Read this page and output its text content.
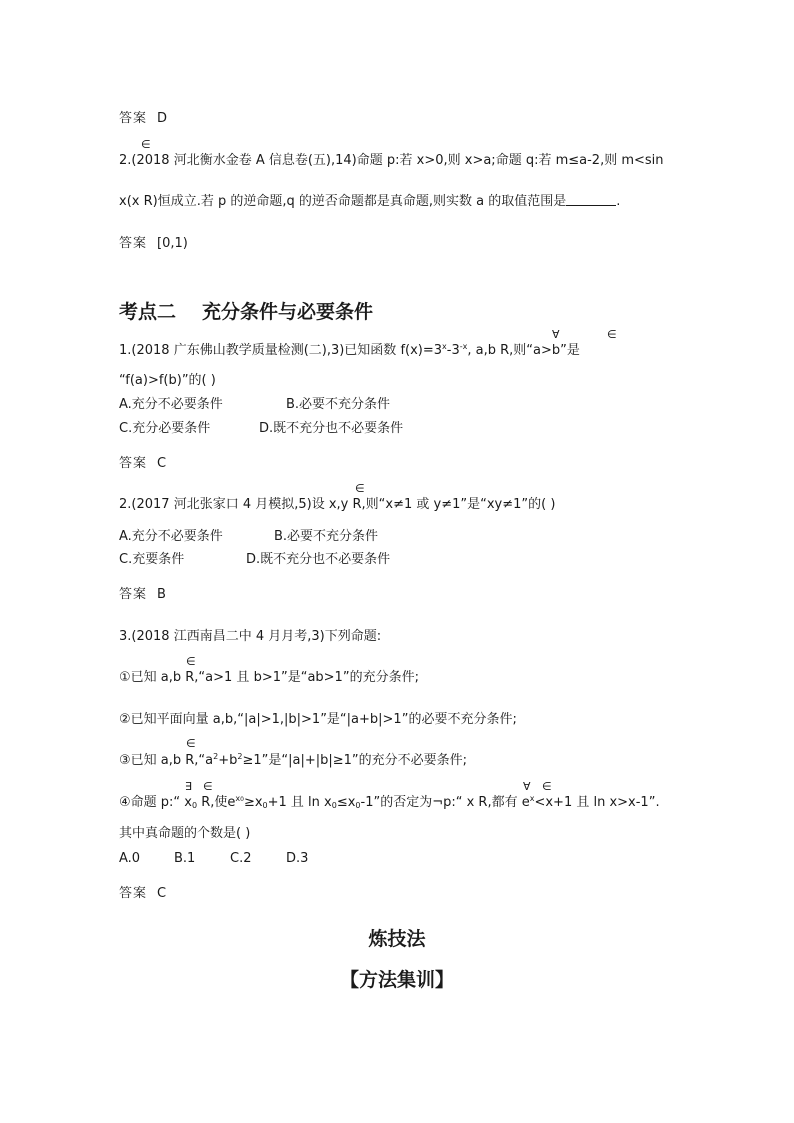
答案 D
∈
2.(2018 河北衡水金卷 A 信息卷(五),14)命题 p:若 x>0,则 x>a;命题 q:若 m≤a-2,则 m<sin
x(x R)恒成立.若 p 的逆命题,q 的逆否命题都是真命题,则实数 a 的取值范围是	.
答案 [0,1)
考点二 充分条件与必要条件
∀	∈
1.(2018 广东佛山教学质量检测(二),3)已知函数 $f(x)=3^x-3^{-x}$, a,b R,则“a>b”是
“f(a)>f(b)”的( )
A.充分不必要条件	B.必要不充分条件
C.充分必要条件	D.既不充分也不必要条件
答案 C
∈
2.(2017 河北张家口 4 月模拟,5)设 x,y R,则“x≠1 或 y≠1”是“xy≠1”的( )
A.充分不必要条件	B.必要不充分条件
C.充要条件	D.既不充分也不必要条件
答案 B
3.(2018 江西南昌二中 4 月月考,3)下列命题:
∈
①已知 a,b R,“a>1 且 b>1”是“ab>1”的充分条件;
②已知平面向量 a,b,“|a|>1,|b|>1”是“|a+b|>1”的必要不充分条件;
∈
③已知 a,b $R,“a^2+b^2\ge 1$”是“|a|+|b|≥1”的充分不必要条件;
∃ ∈	∀ ∈
④命题 p:“ $x_0$ R,使$e^{x0}\ge x_0+1$ 且 $\ln x_0\le x_0-1$”的否定为¬p:“ x R,都有 $e^x<x+1$ 且 ln x>x-1”.
其中真命题的个数是( )
A.0	B.1	C.2	D.3
答案 C
炼技法
【方法集训】
